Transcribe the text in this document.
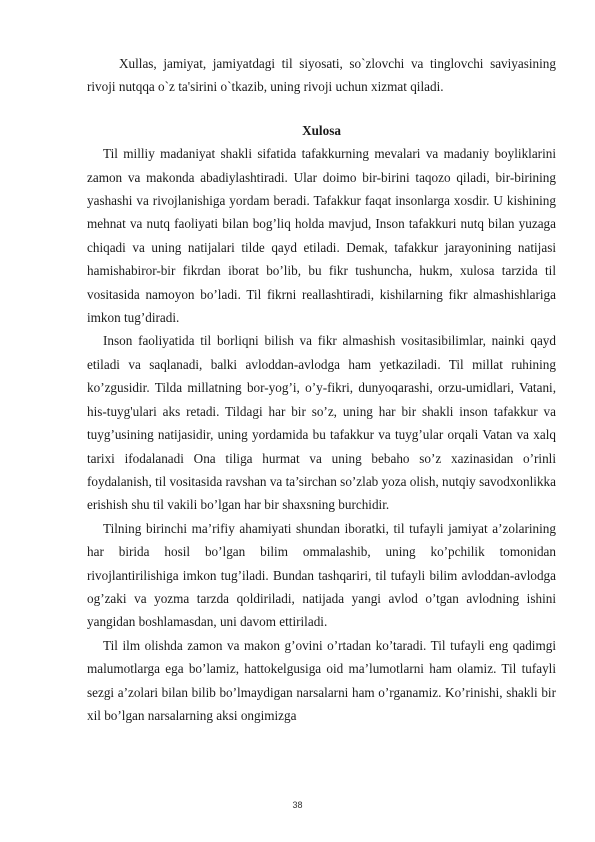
Xullas, jamiyat, jamiyatdagi til siyosati, so`zlovchi va tinglovchi saviyasining rivoji nutqqa o`z ta'sirini o`tkazib, uning rivoji uchun xizmat qiladi.

Xulosa

Til milliy madaniyat shakli sifatida tafakkurning mevalari va madaniy boyliklarini zamon va makonda abadiylashtiradi. Ular doimo bir-birini taqozo qiladi, bir-birining yashashi va rivojlanishiga yordam beradi. Tafakkur faqat insonlarga xosdir. U kishining mehnat va nutq faoliyati bilan bog’liq holda mavjud, Inson tafakkuri nutq bilan yuzaga chiqadi va uning natijalari tilde qayd etiladi. Demak, tafakkur jarayonining natijasi hamishabiror-bir fikrdan iborat bo’lib, bu fikr tushuncha, hukm, xulosa tarzida til vositasida namoyon bo’ladi. Til fikrni reallashtiradi, kishilarning fikr almashishlariga imkon tug’diradi.

Inson faoliyatida til borliqni bilish va fikr almashish vositasibilimlar, nainki qayd etiladi va saqlanadi, balki avloddan-avlodga ham yetkaziladi. Til millat ruhining ko’zgusidir. Tilda millatning bor-yog’i, o’y-fikri, dunyoqarashi, orzu-umidlari, Vatani, his-tuyg'ulari aks retadi. Tildagi har bir so’z, uning har bir shakli inson tafakkur va tuyg’usining natijasidir, uning yordamida bu tafakkur va tuyg’ular orqali Vatan va xalq tarixi ifodalanadi Ona tiliga hurmat va uning bebaho so’z xazinasidan o’rinli foydalanish, til vositasida ravshan va ta’sirchan so’zlab yoza olish, nutqiy savodxonlikka erishish shu til vakili bo’lgan har bir shaxsning burchidir.

Tilning birinchi ma’rifiy ahamiyati shundan iboratki, til tufayli jamiyat a’zolarining har birida hosil bo’lgan bilim ommalashib, uning ko’pchilik tomonidan rivojlantirilishiga imkon tug’iladi. Bundan tashqariri, til tufayli bilim avloddan-avlodga og’zaki va yozma tarzda qoldiriladi, natijada yangi avlod o’tgan avlodning ishini yangidan boshlamasdan, uni davom ettiriladi.

Til ilm olishda zamon va makon g’ovini o’rtadan ko’taradi. Til tufayli eng qadimgi malumotlarga ega bo’lamiz, hattokelgusiga oid ma’lumotlarni ham olamiz. Til tufayli sezgi a’zolari bilan bilib bo’lmaydigan narsalarni ham o’rganamiz. Ko’rinishi, shakli bir xil bo’lgan narsalarning aksi ongimizga

38
